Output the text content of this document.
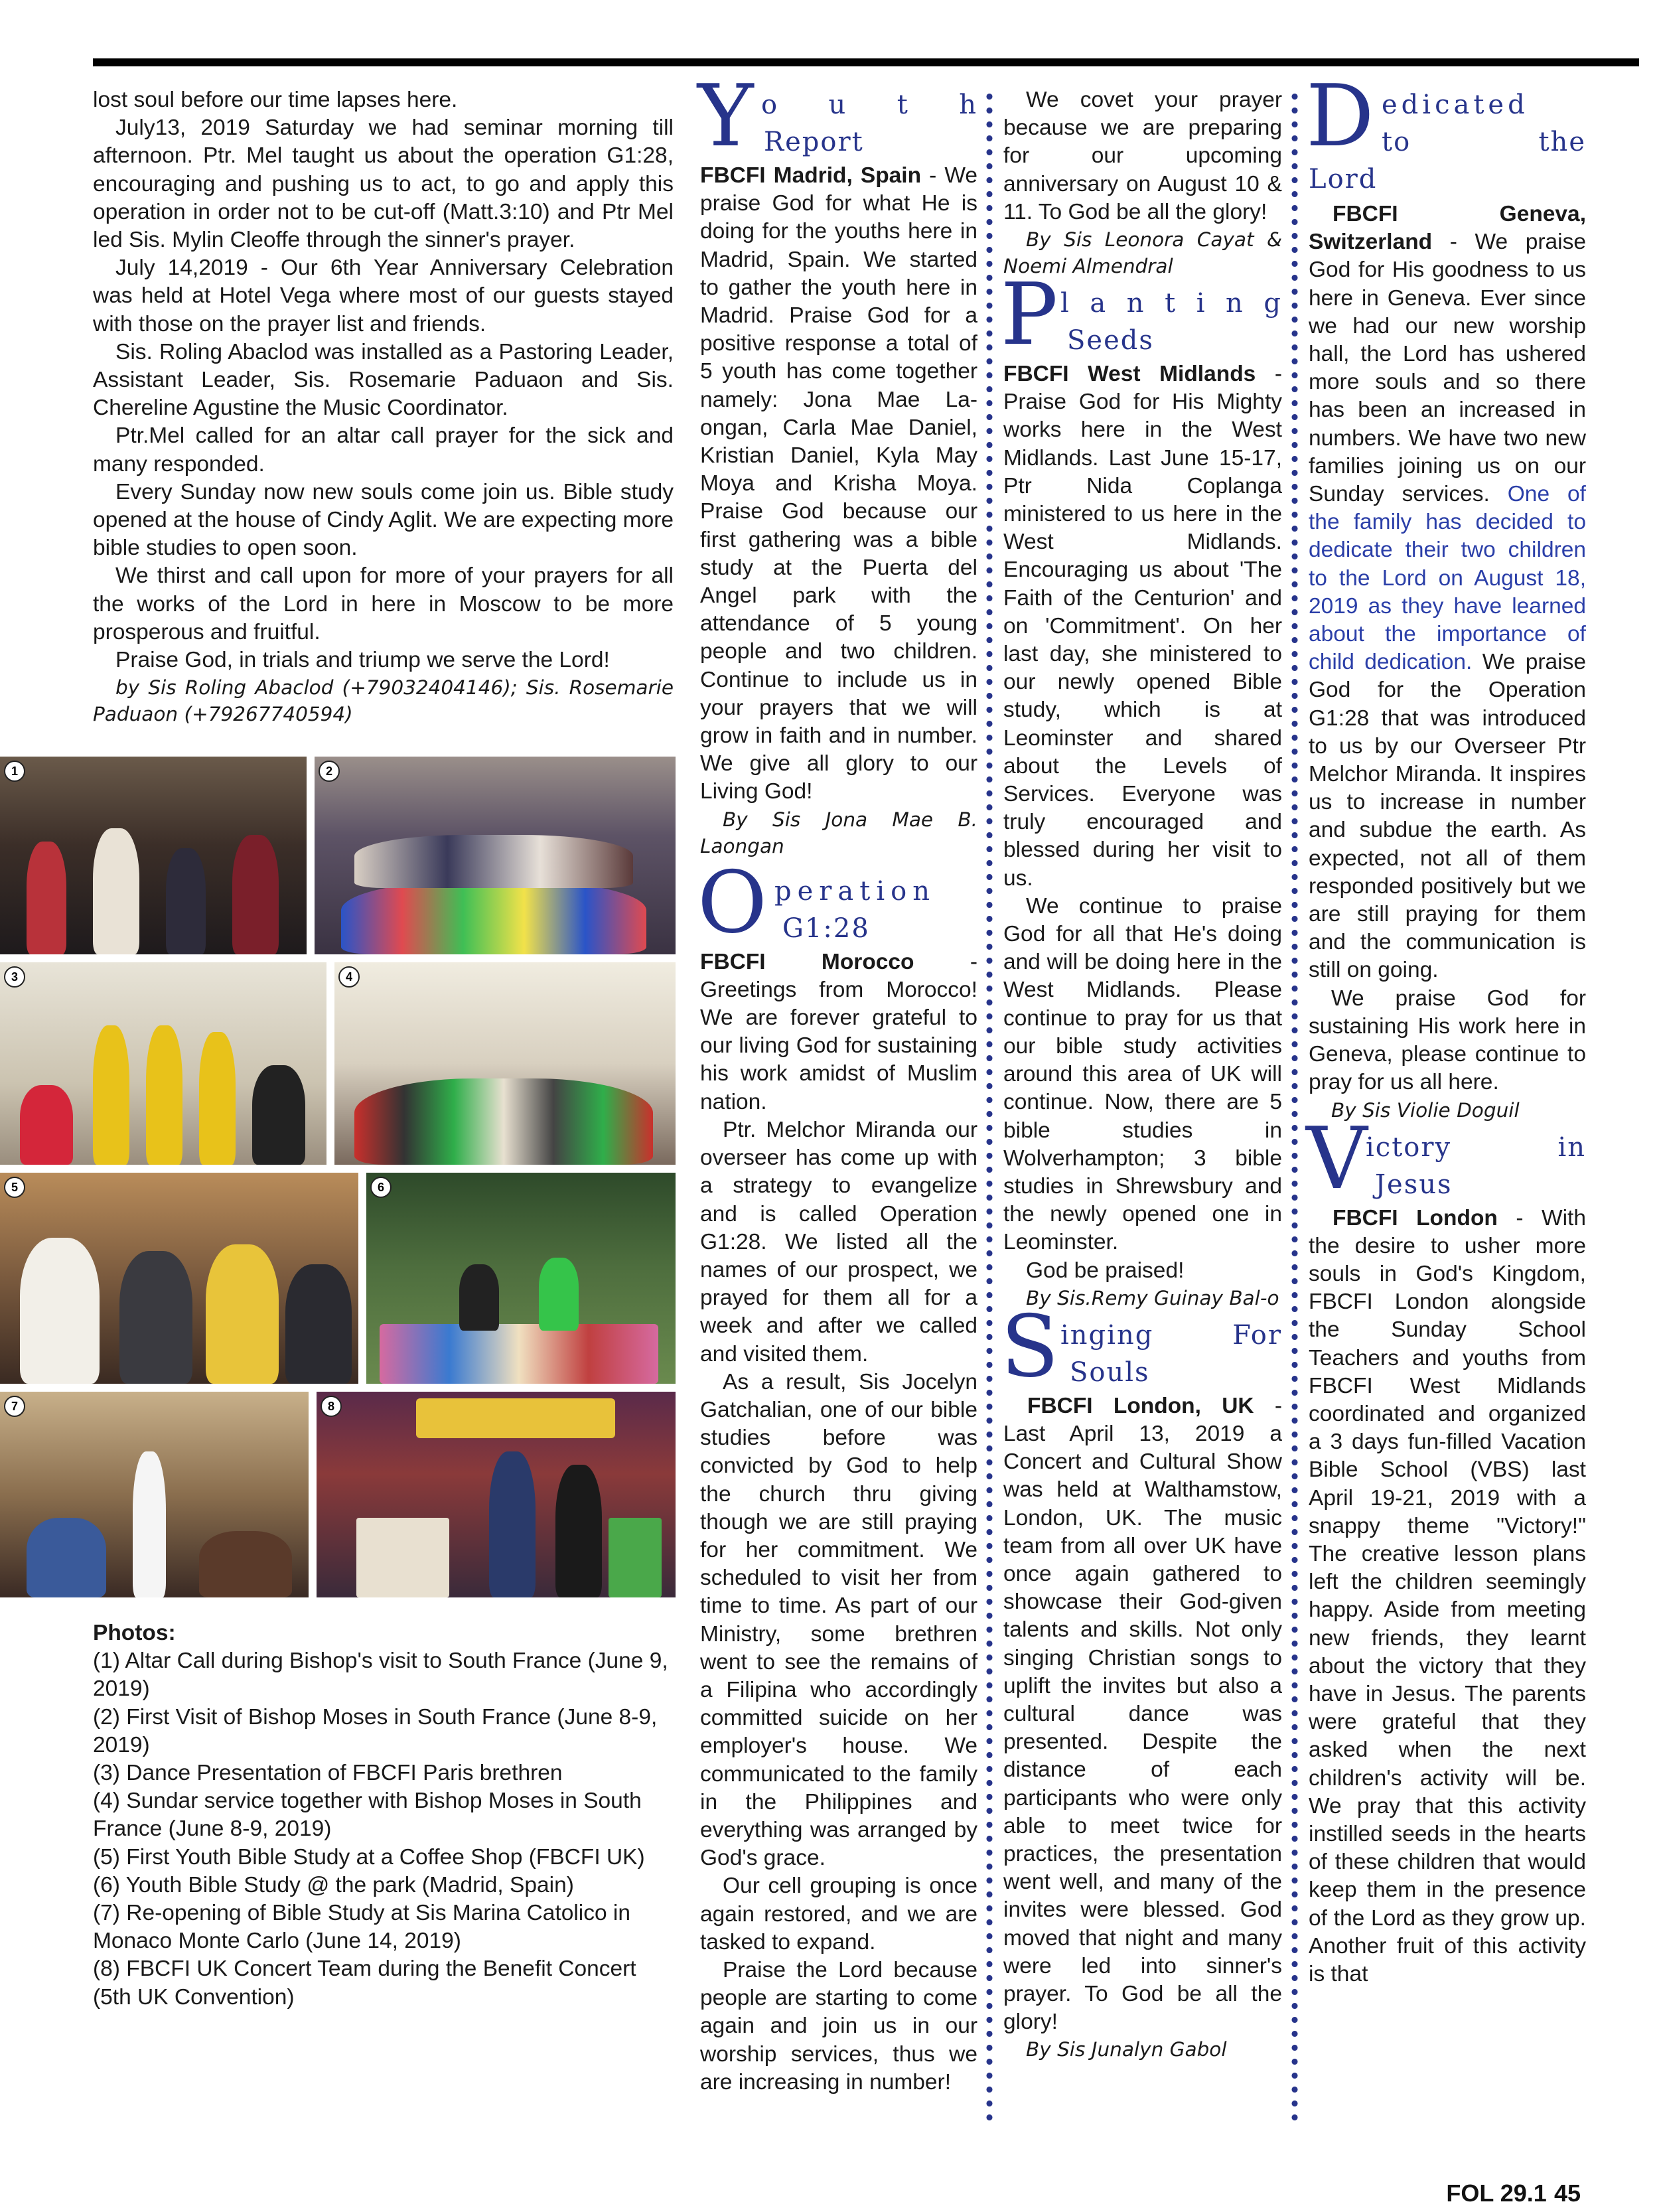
lost soul before our time lapses here.

July13, 2019 Saturday we had seminar morning till afternoon. Ptr. Mel taught us about the operation G1:28, encouraging and pushing us to act, to go and apply this operation in order not to be cut-off (Matt.3:10) and Ptr Mel led Sis. Mylin Cleoffe through the sinner's prayer.

July 14,2019 - Our 6th Year Anniversary Celebration was held at Hotel Vega where most of our guests stayed with those on the prayer list and friends.

Sis. Roling Abaclod was installed as a Pastoring Leader, Assistant Leader, Sis. Rosemarie Paduaon and Sis. Chereline Agustine the Music Coordinator.

Ptr.Mel called for an altar call prayer for the sick and many responded.

Every Sunday now new souls come join us. Bible study opened at the house of Cindy Aglit. We are expecting more bible studies to open soon.

We thirst and call upon for more of your prayers for all the works of the Lord in here in Moscow to be more prosperous and fruitful.

Praise God, in trials and triump we serve the Lord!

by Sis Roling Abaclod (+79032404146); Sis. Rosemarie Paduaon (+79267740594)

1	2
3	4
5	6
7	8
Photos:
(1) Altar Call during Bishop's visit to South France (June 9, 2019)
(2) First Visit of Bishop Moses in South France (June 8-9, 2019)
(3) Dance Presentation of FBCFI Paris brethren
(4) Sundar service together with Bishop Moses in South France (June 8-9, 2019)
(5) First Youth Bible Study at a Coffee Shop (FBCFI UK)
(6) Youth Bible Study @ the park (Madrid, Spain)
(7) Re-opening of Bible Study at Sis Marina Catolico in Monaco Monte Carlo (June 14, 2019)
(8) FBCFI UK Concert Team during the Benefit Concert (5th UK Convention)
Y o u t h
Report

FBCFI Madrid, Spain - We praise God for what He is doing for the youths here in Madrid, Spain. We started to gather the youth here in Madrid. Praise God for a positive response a total of 5 youth has come together namely: Jona Mae La-ongan, Carla Mae Daniel, Kristian Daniel, Kyla May Moya and Krisha Moya. Praise God because our first gathering was a bible study at the Puerta del Angel park with the attendance of 5 young people and two children. Continue to include us in your prayers that we will grow in faith and in number. We give all glory to our Living God!

By Sis Jona Mae B. Laongan

O peration
G1:28

FBCFI Morocco - Greetings from Morocco! We are forever grateful to our living God for sustaining his work amidst of Muslim nation.

Ptr. Melchor Miranda our overseer has come up with a strategy to evangelize and is called Operation G1:28. We listed all the names of our prospect, we prayed for them all for a week and after we called and visited them.

As a result, Sis Jocelyn Gatchalian, one of our bible studies before was convicted by God to help the church thru giving though we are still praying for her commitment. We scheduled to visit her from time to time. As part of our Ministry, some brethren went to see the remains of a Filipina who accordingly committed suicide on her employer's house. We communicated to the family in the Philippines and everything was arranged by God's grace.

Our cell grouping is once again restored, and we are tasked to expand.

Praise the Lord because people are starting to come again and join us in our worship services, thus we are increasing in number!

We covet your prayer because we are preparing for our upcoming anniversary on August 10 & 11. To God be all the glory!

By Sis Leonora Cayat & Noemi Almendral

P l a n t i n g
Seeds

FBCFI West Midlands - Praise God for His Mighty works here in the West Midlands. Last June 15-17, Ptr Nida Coplanga ministered to us here in the West Midlands. Encouraging us about 'The Faith of the Centurion' and on 'Commitment'. On her last day, she ministered to our newly opened Bible study, which is at Leominster and shared about the Levels of Services. Everyone was truly encouraged and blessed during her visit to us.

We continue to praise God for all that He's doing and will be doing here in the West Midlands. Please continue to pray for us that our bible study activities around this area of UK will continue. Now, there are 5 bible studies in Wolverhampton; 3 bible studies in Shrewsbury and the newly opened one in Leominster.

God be praised!

By Sis.Remy Guinay Bal-o

S inging	For
Souls

FBCFI London, UK - Last April 13, 2019 a Concert and Cultural Show was held at Walthamstow, London, UK. The music team from all over UK have once again gathered to showcase their God-given talents and skills. Not only singing Christian songs to uplift the invites but also a cultural dance was presented. Despite the distance of each participants who were only able to meet twice for practices, the presentation went well, and many of the invites were blessed. God moved that night and many were led into sinner's prayer. To God be all the glory!

By Sis Junalyn Gabol

D edicated
to	the
Lord

FBCFI Geneva, Switzerland - We praise God for His goodness to us here in Geneva. Ever since we had our new worship hall, the Lord has ushered more souls and so there has been an increased in numbers. We have two new families joining us on our Sunday services. One of the family has decided to dedicate their two children to the Lord on August 18, 2019 as they have learned about the importance of child dedication. We praise God for the Operation G1:28 that was introduced to us by our Overseer Ptr Melchor Miranda. It inspires us to increase in number and subdue the earth. As expected, not all of them responded positively but we are still praying for them and the communication is still on going.

We praise God for sustaining His work here in Geneva, please continue to pray for us all here.

By Sis Violie Doguil

V
ictory	in
Jesus

FBCFI London - With the desire to usher more souls in God's Kingdom, FBCFI London alongside the Sunday School Teachers and youths from FBCFI West Midlands coordinated and organized a 3 days fun-filled Vacation Bible School (VBS) last April 19-21, 2019 with a snappy theme "Victory!" The creative lesson plans left the children seemingly happy. Aside from meeting new friends, they learnt about the victory that they have in Jesus. The parents were grateful that they asked when the next children's activity will be. We pray that this activity instilled seeds in the hearts of these children that would keep them in the presence of the Lord as they grow up. Another fruit of this activity is that

FOL 29.1 45
